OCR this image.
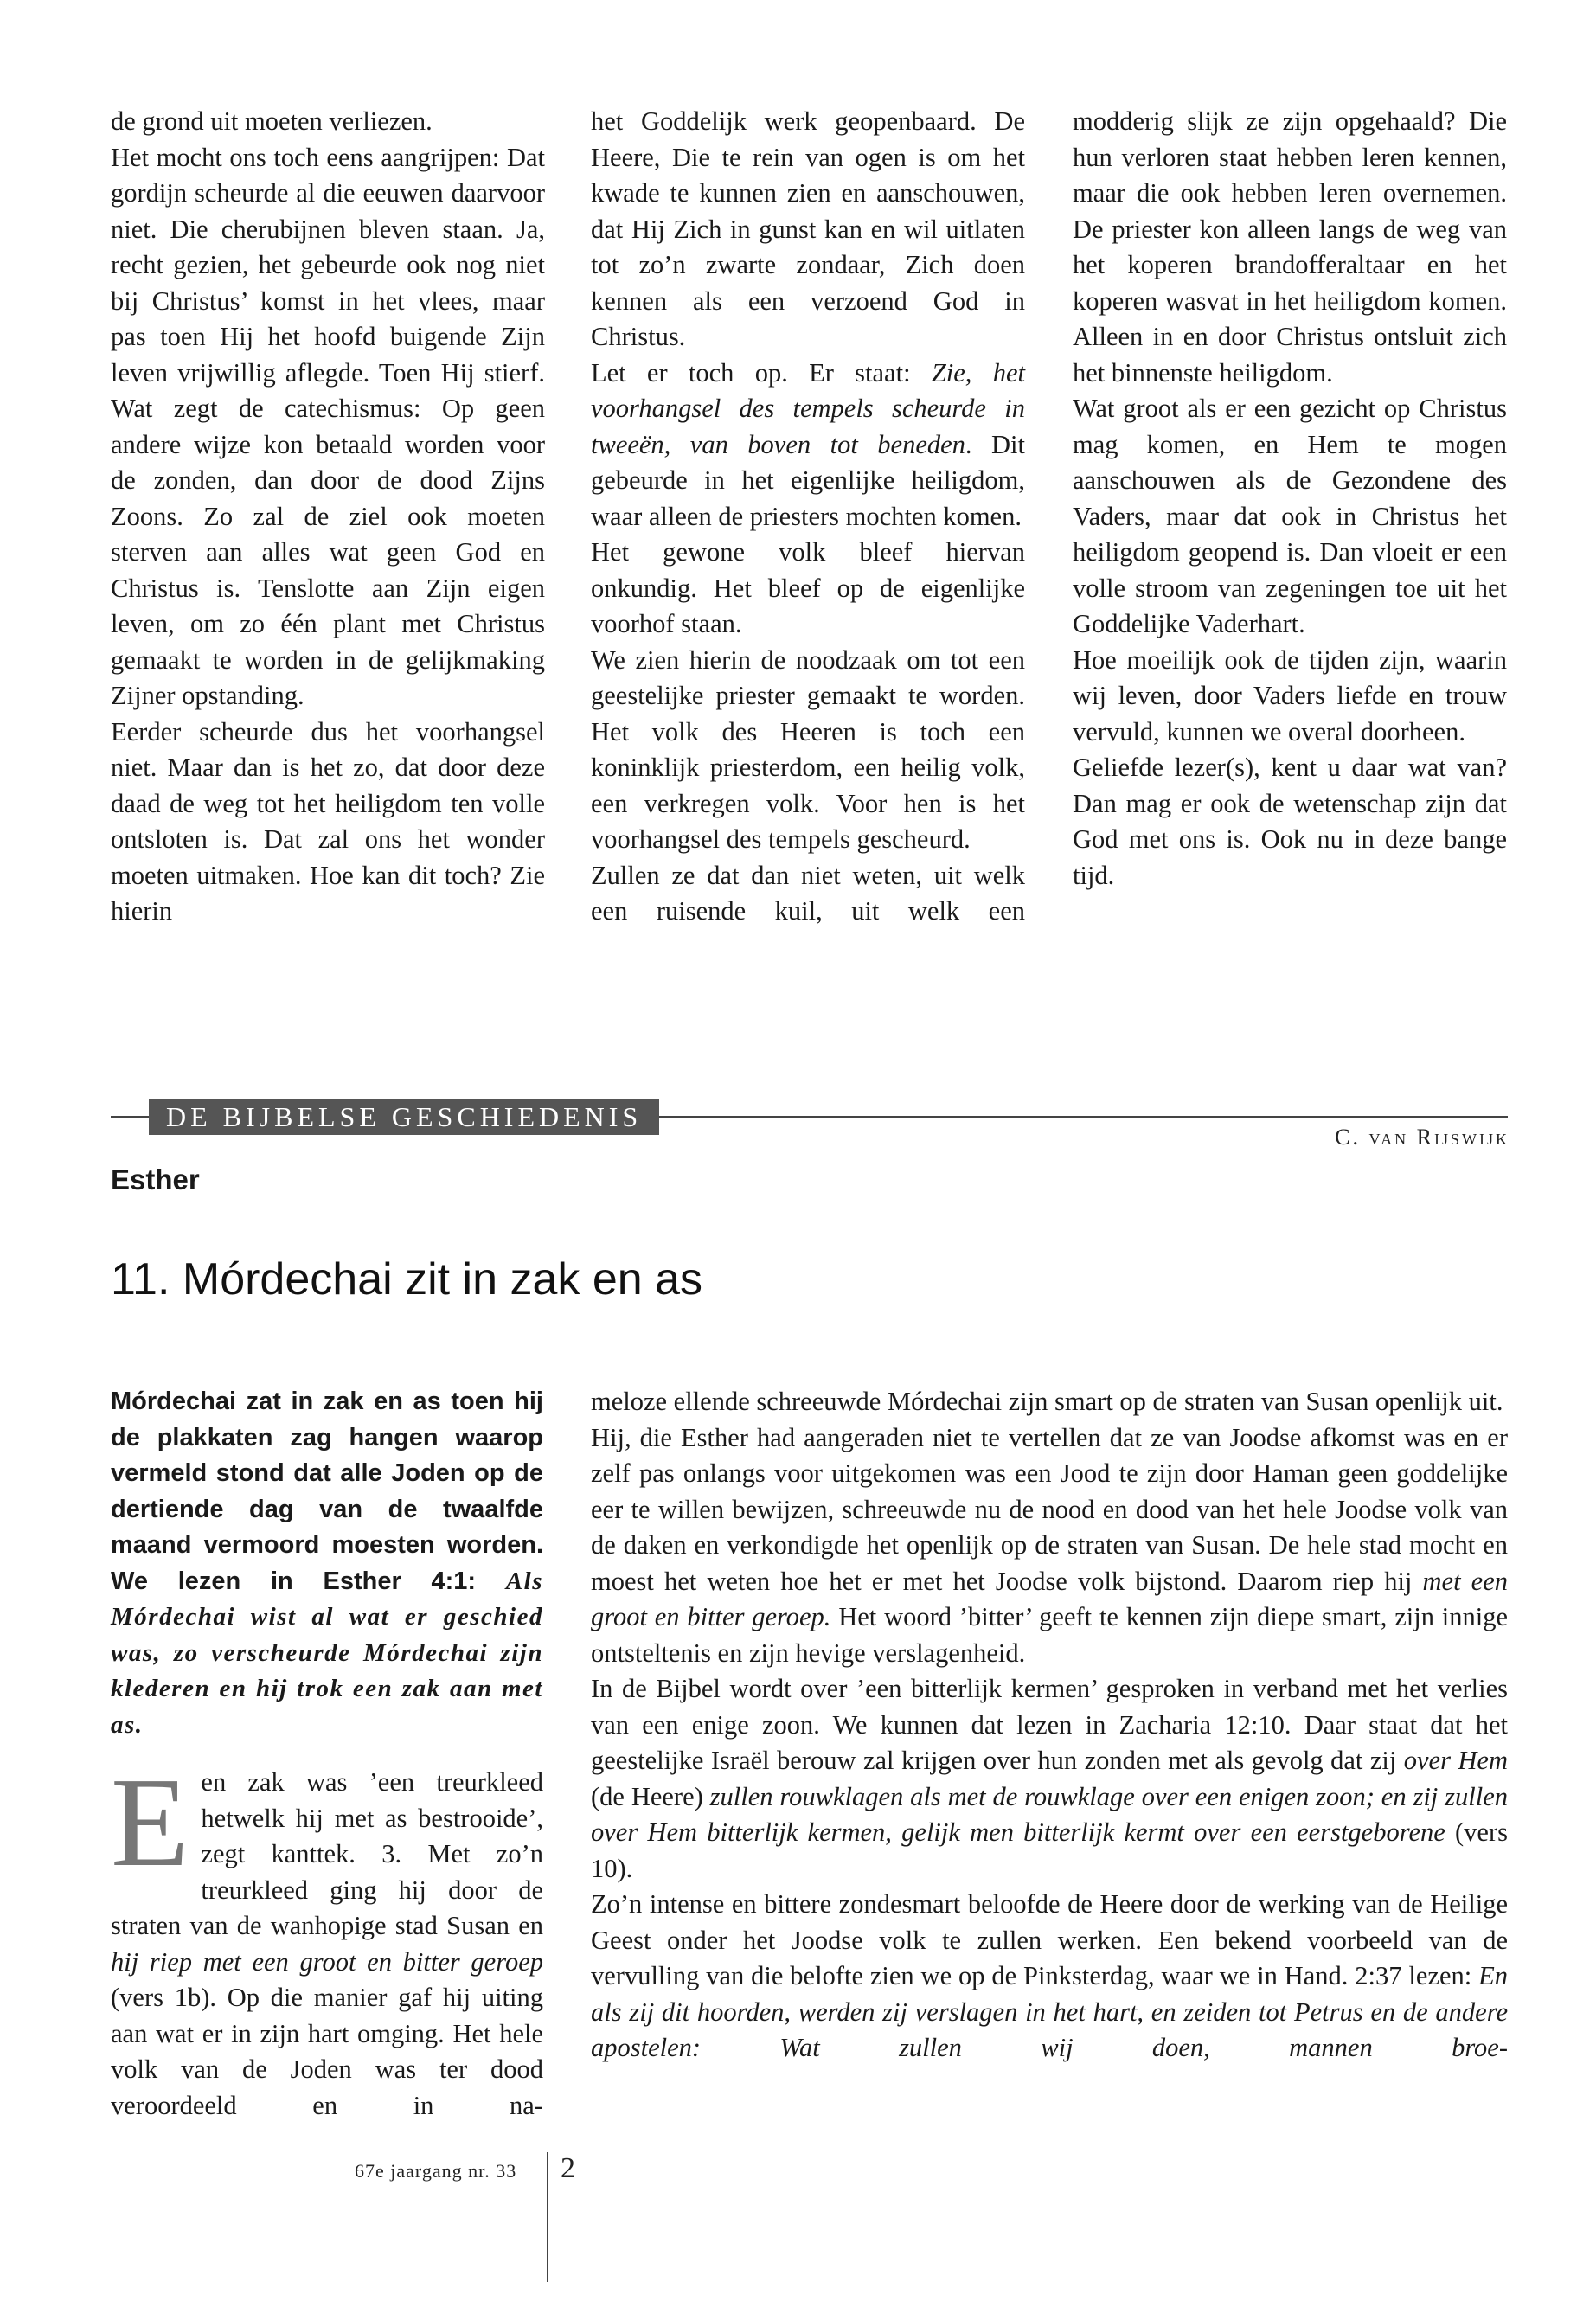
de grond uit moeten verliezen.

Het mocht ons toch eens aangrijpen: Dat gordijn scheurde al die eeuwen daarvoor niet. Die cherubijnen bleven staan. Ja, recht gezien, het gebeurde ook nog niet bij Christus’ komst in het vlees, maar pas toen Hij het hoofd buigende Zijn leven vrijwillig aflegde. Toen Hij stierf. Wat zegt de catechismus: Op geen andere wijze kon betaald worden voor de zonden, dan door de dood Zijns Zoons. Zo zal de ziel ook moeten sterven aan alles wat geen God en Christus is. Tenslotte aan Zijn eigen leven, om zo één plant met Christus gemaakt te worden in de gelijkmaking Zijner opstanding.

Eerder scheurde dus het voorhangsel niet. Maar dan is het zo, dat door deze daad de weg tot het heiligdom ten volle ontsloten is. Dat zal ons het wonder moeten uitmaken. Hoe kan dit toch? Zie hierin

het Goddelijk werk geopenbaard. De Heere, Die te rein van ogen is om het kwade te kunnen zien en aanschouwen, dat Hij Zich in gunst kan en wil uitlaten tot zo’n zwarte zondaar, Zich doen kennen als een verzoend God in Christus.

Let er toch op. Er staat: Zie, het voorhangsel des tempels scheurde in tweeën, van boven tot beneden. Dit gebeurde in het eigenlijke heiligdom, waar alleen de priesters mochten komen.

Het gewone volk bleef hiervan onkundig. Het bleef op de eigenlijke voorhof staan.

We zien hierin de noodzaak om tot een geestelijke priester gemaakt te worden. Het volk des Heeren is toch een koninklijk priesterdom, een heilig volk, een verkregen volk. Voor hen is het voorhangsel des tempels gescheurd.

Zullen ze dat dan niet weten, uit welk een ruisende kuil, uit welk een

modderig slijk ze zijn opgehaald? Die hun verloren staat hebben leren kennen, maar die ook hebben leren overnemen. De priester kon alleen langs de weg van het koperen brandofferaltaar en het koperen wasvat in het heiligdom komen. Alleen in en door Christus ontsluit zich het binnenste heiligdom.

Wat groot als er een gezicht op Christus mag komen, en Hem te mogen aanschouwen als de Gezondene des Vaders, maar dat ook in Christus het heiligdom geopend is. Dan vloeit er een volle stroom van zegeningen toe uit het Goddelijke Vaderhart.

Hoe moeilijk ook de tijden zijn, waarin wij leven, door Vaders liefde en trouw vervuld, kunnen we overal doorheen.

Geliefde lezer(s), kent u daar wat van? Dan mag er ook de wetenschap zijn dat God met ons is. Ook nu in deze bange tijd.

DE BIJBELSE GESCHIEDENIS
C. van Rijswijk
Esther
11. Mórdechai zit in zak en as
Mórdechai zat in zak en as toen hij de plakkaten zag hangen waarop vermeld stond dat alle Joden op de dertiende dag van de twaalfde maand vermoord moesten worden. We lezen in Esther 4:1: Als Mórdechai wist al wat er geschied was, zo verscheurde Mórdechai zijn klederen en hij trok een zak aan met as.

Een zak was ’een treurkleed hetwelk hij met as bestrooide’, zegt kanttek. 3. Met zo’n treurkleed ging hij door de straten van de wanhopige stad Susan en hij riep met een groot en bitter geroep (vers 1b). Op die manier gaf hij uiting aan wat er in zijn hart omging. Het hele volk van de Joden was ter dood veroordeeld en in na-

meloze ellende schreeuwde Mórdechai zijn smart op de straten van Susan openlijk uit.

Hij, die Esther had aangeraden niet te vertellen dat ze van Joodse afkomst was en er zelf pas onlangs voor uitgekomen was een Jood te zijn door Haman geen goddelijke eer te willen bewijzen, schreeuwde nu de nood en dood van het hele Joodse volk van de daken en verkondigde het openlijk op de straten van Susan. De hele stad mocht en moest het weten hoe het er met het Joodse volk bijstond. Daarom riep hij met een groot en bitter geroep. Het woord ’bitter’ geeft te kennen zijn diepe smart, zijn innige ontsteltenis en zijn hevige verslagenheid.

In de Bijbel wordt over ’een bitterlijk kermen’ gesproken in verband met het verlies van een enige zoon. We kunnen dat lezen in Zacharia 12:10. Daar staat dat het geestelijke Israël berouw zal krijgen over hun zonden met als gevolg dat zij over Hem (de Heere) zullen rouwklagen als met de rouwklage over een enigen zoon; en zij zullen over Hem bitterlijk kermen, gelijk men bitterlijk kermt over een eerstgeborene (vers 10).

Zo’n intense en bittere zondesmart beloofde de Heere door de werking van de Heilige Geest onder het Joodse volk te zullen werken. Een bekend voorbeeld van de vervulling van die belofte zien we op de Pinksterdag, waar we in Hand. 2:37 lezen: En als zij dit hoorden, werden zij verslagen in het hart, en zeiden tot Petrus en de andere apostelen: Wat zullen wij doen, mannen broe-

67e jaargang nr. 33 2
